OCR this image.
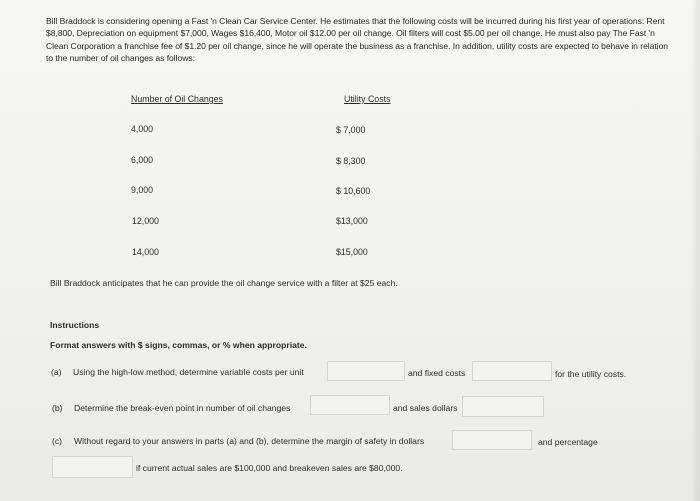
Bill Braddock is considering opening a Fast 'n Clean Car Service Center. He estimates that the following costs will be incurred during his first year of operations: Rent $8,800, Depreciation on equipment $7,000, Wages $16,400, Motor oil $12.00 per oil change. Oil filters will cost $5.00 per oil change. He must also pay The Fast 'n Clean Corporation a franchise fee of $1.20 per oil change, since he will operate the business as a franchise. In addition, utility costs are expected to behave in relation to the number of oil changes as follows:
Number of Oil Changes	Utility Costs
4,000	$ 7,000
6,000	$ 8,300
9,000	$ 10,600
12,000	$13,000
14,000	$15,000
Bill Braddock anticipates that he can provide the oil change service with a filter at $25 each.
Instructions
Format answers with $ signs, commas, or % when appropriate.
(a) Using the high-low method, determine variable costs per unit	and fixed costs	for the utility costs.
(b) Determine the break-even point in number of oil changes	and sales dollars
(c) Without regard to your answers in parts (a) and (b), determine the margin of safety in dollars	and percentage
if current actual sales are $100,000 and breakeven sales are $80,000.
